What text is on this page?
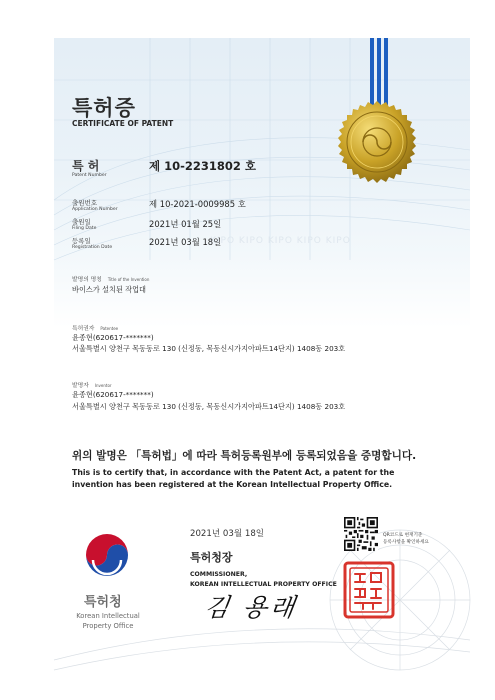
KIPO KIPO KIPO KIPO KIPO
특허증
CERTIFICATE OF PATENT
특 허
Patent Number
제 10-2231802 호
출원번호
Application Number
제 10-2021-0009985 호
출원일
Filing Date	2021년 01월 25일
등록일
Registration Date
2021년 03월 18일
발명의 명칭 Title of the Invention
바이스가 설치된 작업대
특허권자 Patentee
윤종현(620617-*******)
서울특별시 양천구 목동동로 130 (신정동, 목동신시가지아파트14단지) 1408동 203호
발명자 Inventor
윤종현(620617-*******)
서울특별시 양천구 목동동로 130 (신정동, 목동신시가지아파트14단지) 1408동 203호
위의 발명은 「특허법」에 따라 특허등록원부에 등록되었음을 증명합니다.
This is to certify that, in accordance with the Patent Act, a patent for the
invention has been registered at the Korean Intellectual Property Office.
2021년 03월 18일	QR코드로 현재기준
등록사항을 확인하세요
특허청장
COMMISSIONER,
KOREAN INTELLECTUAL PROPERTY OFFICE
김 용래
특허청
Korean Intellectual
Property Office
